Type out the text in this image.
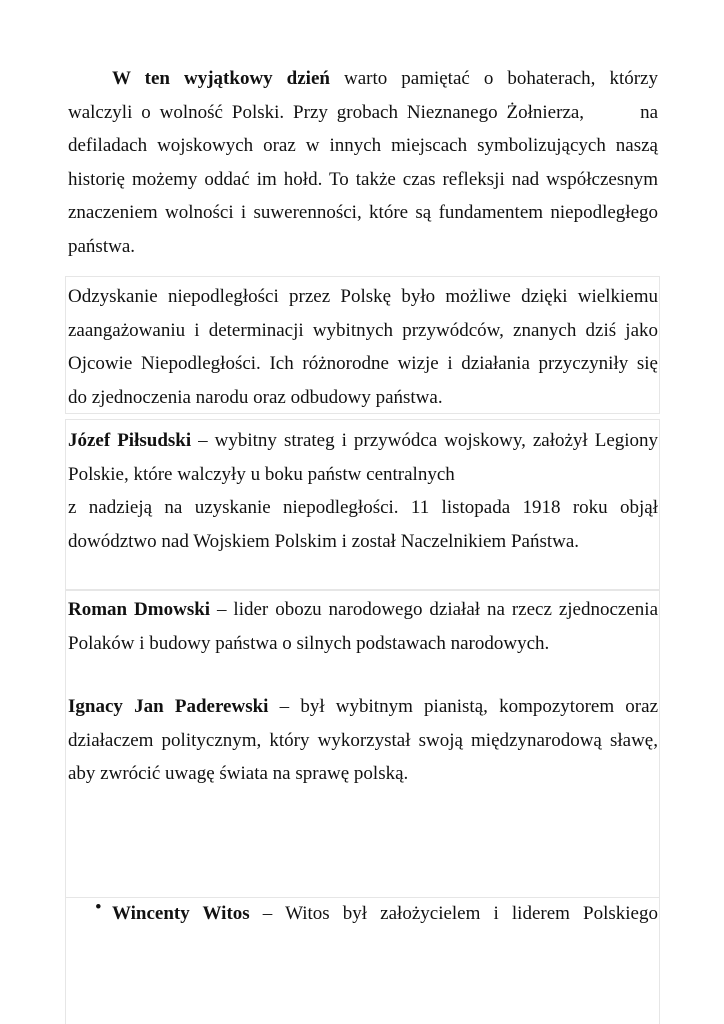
W ten wyjątkowy dzień warto pamiętać o bohaterach, którzy
walczyli o wolność Polski. Przy grobach Nieznanego Żołnierza,	na
defiladach wojskowych oraz w innych miejscach symbolizujących naszą
historię możemy oddać im hołd. To także czas refleksji nad współczesnym
znaczeniem wolności i suwerenności, które są fundamentem niepodległego
państwa.
Odzyskanie niepodległości przez Polskę było możliwe dzięki wielkiemu
zaangażowaniu i determinacji wybitnych przywódców, znanych dziś jako
Ojcowie Niepodległości. Ich różnorodne wizje i działania przyczyniły się
do zjednoczenia narodu oraz odbudowy państwa.
Józef Piłsudski – wybitny strateg i przywódca wojskowy, założył Legiony
Polskie, które walczyły u boku państw centralnych
z nadzieją na uzyskanie niepodległości. 11 listopada 1918 roku objął
dowództwo nad Wojskiem Polskim i został Naczelnikiem Państwa.
Roman Dmowski – lider obozu narodowego działał na rzecz zjednoczenia
Polaków i budowy państwa o silnych podstawach narodowych.
Ignacy Jan Paderewski – był wybitnym pianistą, kompozytorem oraz
działaczem politycznym, który wykorzystał swoją międzynarodową sławę,
aby zwrócić uwagę świata na sprawę polską.
• Wincenty Witos – Witos był założycielem i liderem Polskiego
